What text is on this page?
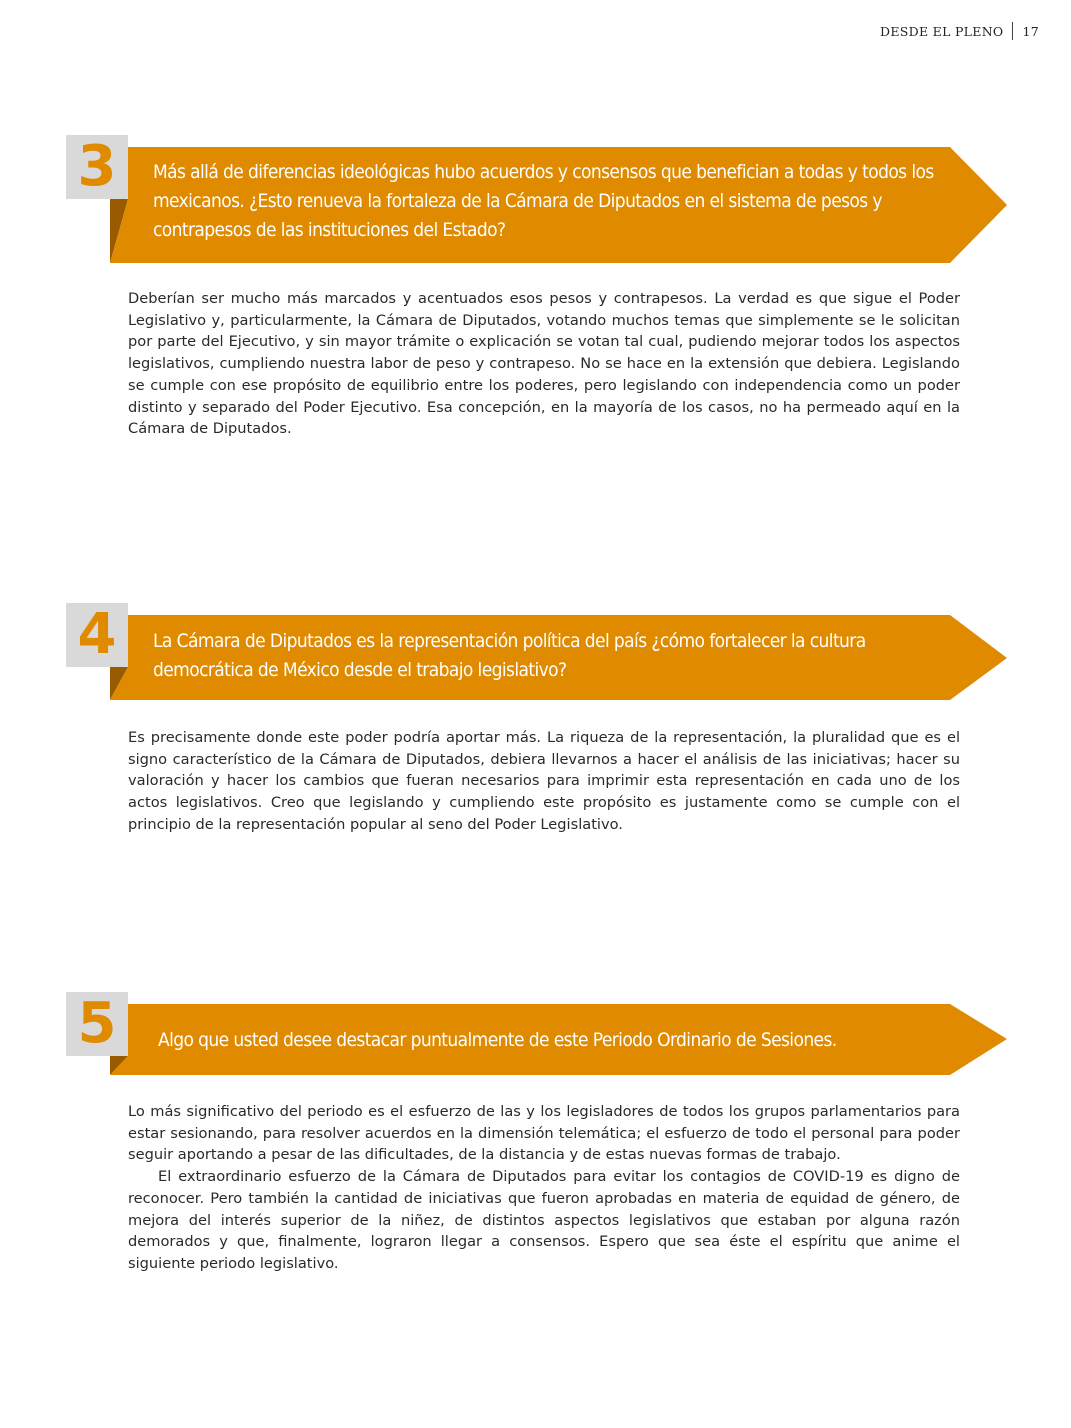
DESDE EL PLENO 17
3	Más allá de diferencias ideológicas hubo acuerdos y consensos que benefician a todas y todos los mexicanos. ¿Esto renueva la fortaleza de la Cámara de Diputados en el sistema de pesos y contrapesos de las instituciones del Estado?

Deberían ser mucho más marcados y acentuados esos pesos y contrapesos. La verdad es que sigue el Poder Legislativo y, particularmente, la Cámara de Diputados, votando muchos temas que simplemente se le solicitan por parte del Ejecutivo, y sin mayor trámite o explicación se votan tal cual, pudiendo mejorar todos los aspectos legislativos, cumpliendo nuestra labor de peso y contrapeso. No se hace en la extensión que debiera. Legislando se cumple con ese propósito de equilibrio entre los poderes, pero legislando con independencia como un poder distinto y separado del Poder Ejecutivo. Esa concepción, en la mayoría de los casos, no ha permeado aquí en la Cámara de Diputados.

4	La Cámara de Diputados es la representación política del país ¿cómo fortalecer la cultura democrática de México desde el trabajo legislativo?

Es precisamente donde este poder podría aportar más. La riqueza de la representación, la pluralidad que es el signo característico de la Cámara de Diputados, debiera llevarnos a hacer el análisis de las iniciativas; hacer su valoración y hacer los cambios que fueran necesarios para imprimir esta representación en cada uno de los actos legislativos. Creo que legislando y cumpliendo este propósito es justamente como se cumple con el principio de la representación popular al seno del Poder Legislativo.

5	Algo que usted desee destacar puntualmente de este Periodo Ordinario de Sesiones.

Lo más significativo del periodo es el esfuerzo de las y los legisladores de todos los grupos parlamentarios para estar sesionando, para resolver acuerdos en la dimensión telemática; el esfuerzo de todo el personal para poder seguir aportando a pesar de las dificultades, de la distancia y de estas nuevas formas de trabajo.

El extraordinario esfuerzo de la Cámara de Diputados para evitar los contagios de COVID-19 es digno de reconocer. Pero también la cantidad de iniciativas que fueron aprobadas en materia de equidad de género, de mejora del interés superior de la niñez, de distintos aspectos legislativos que estaban por alguna razón demorados y que, finalmente, lograron llegar a consensos. Espero que sea éste el espíritu que anime el siguiente periodo legislativo.
